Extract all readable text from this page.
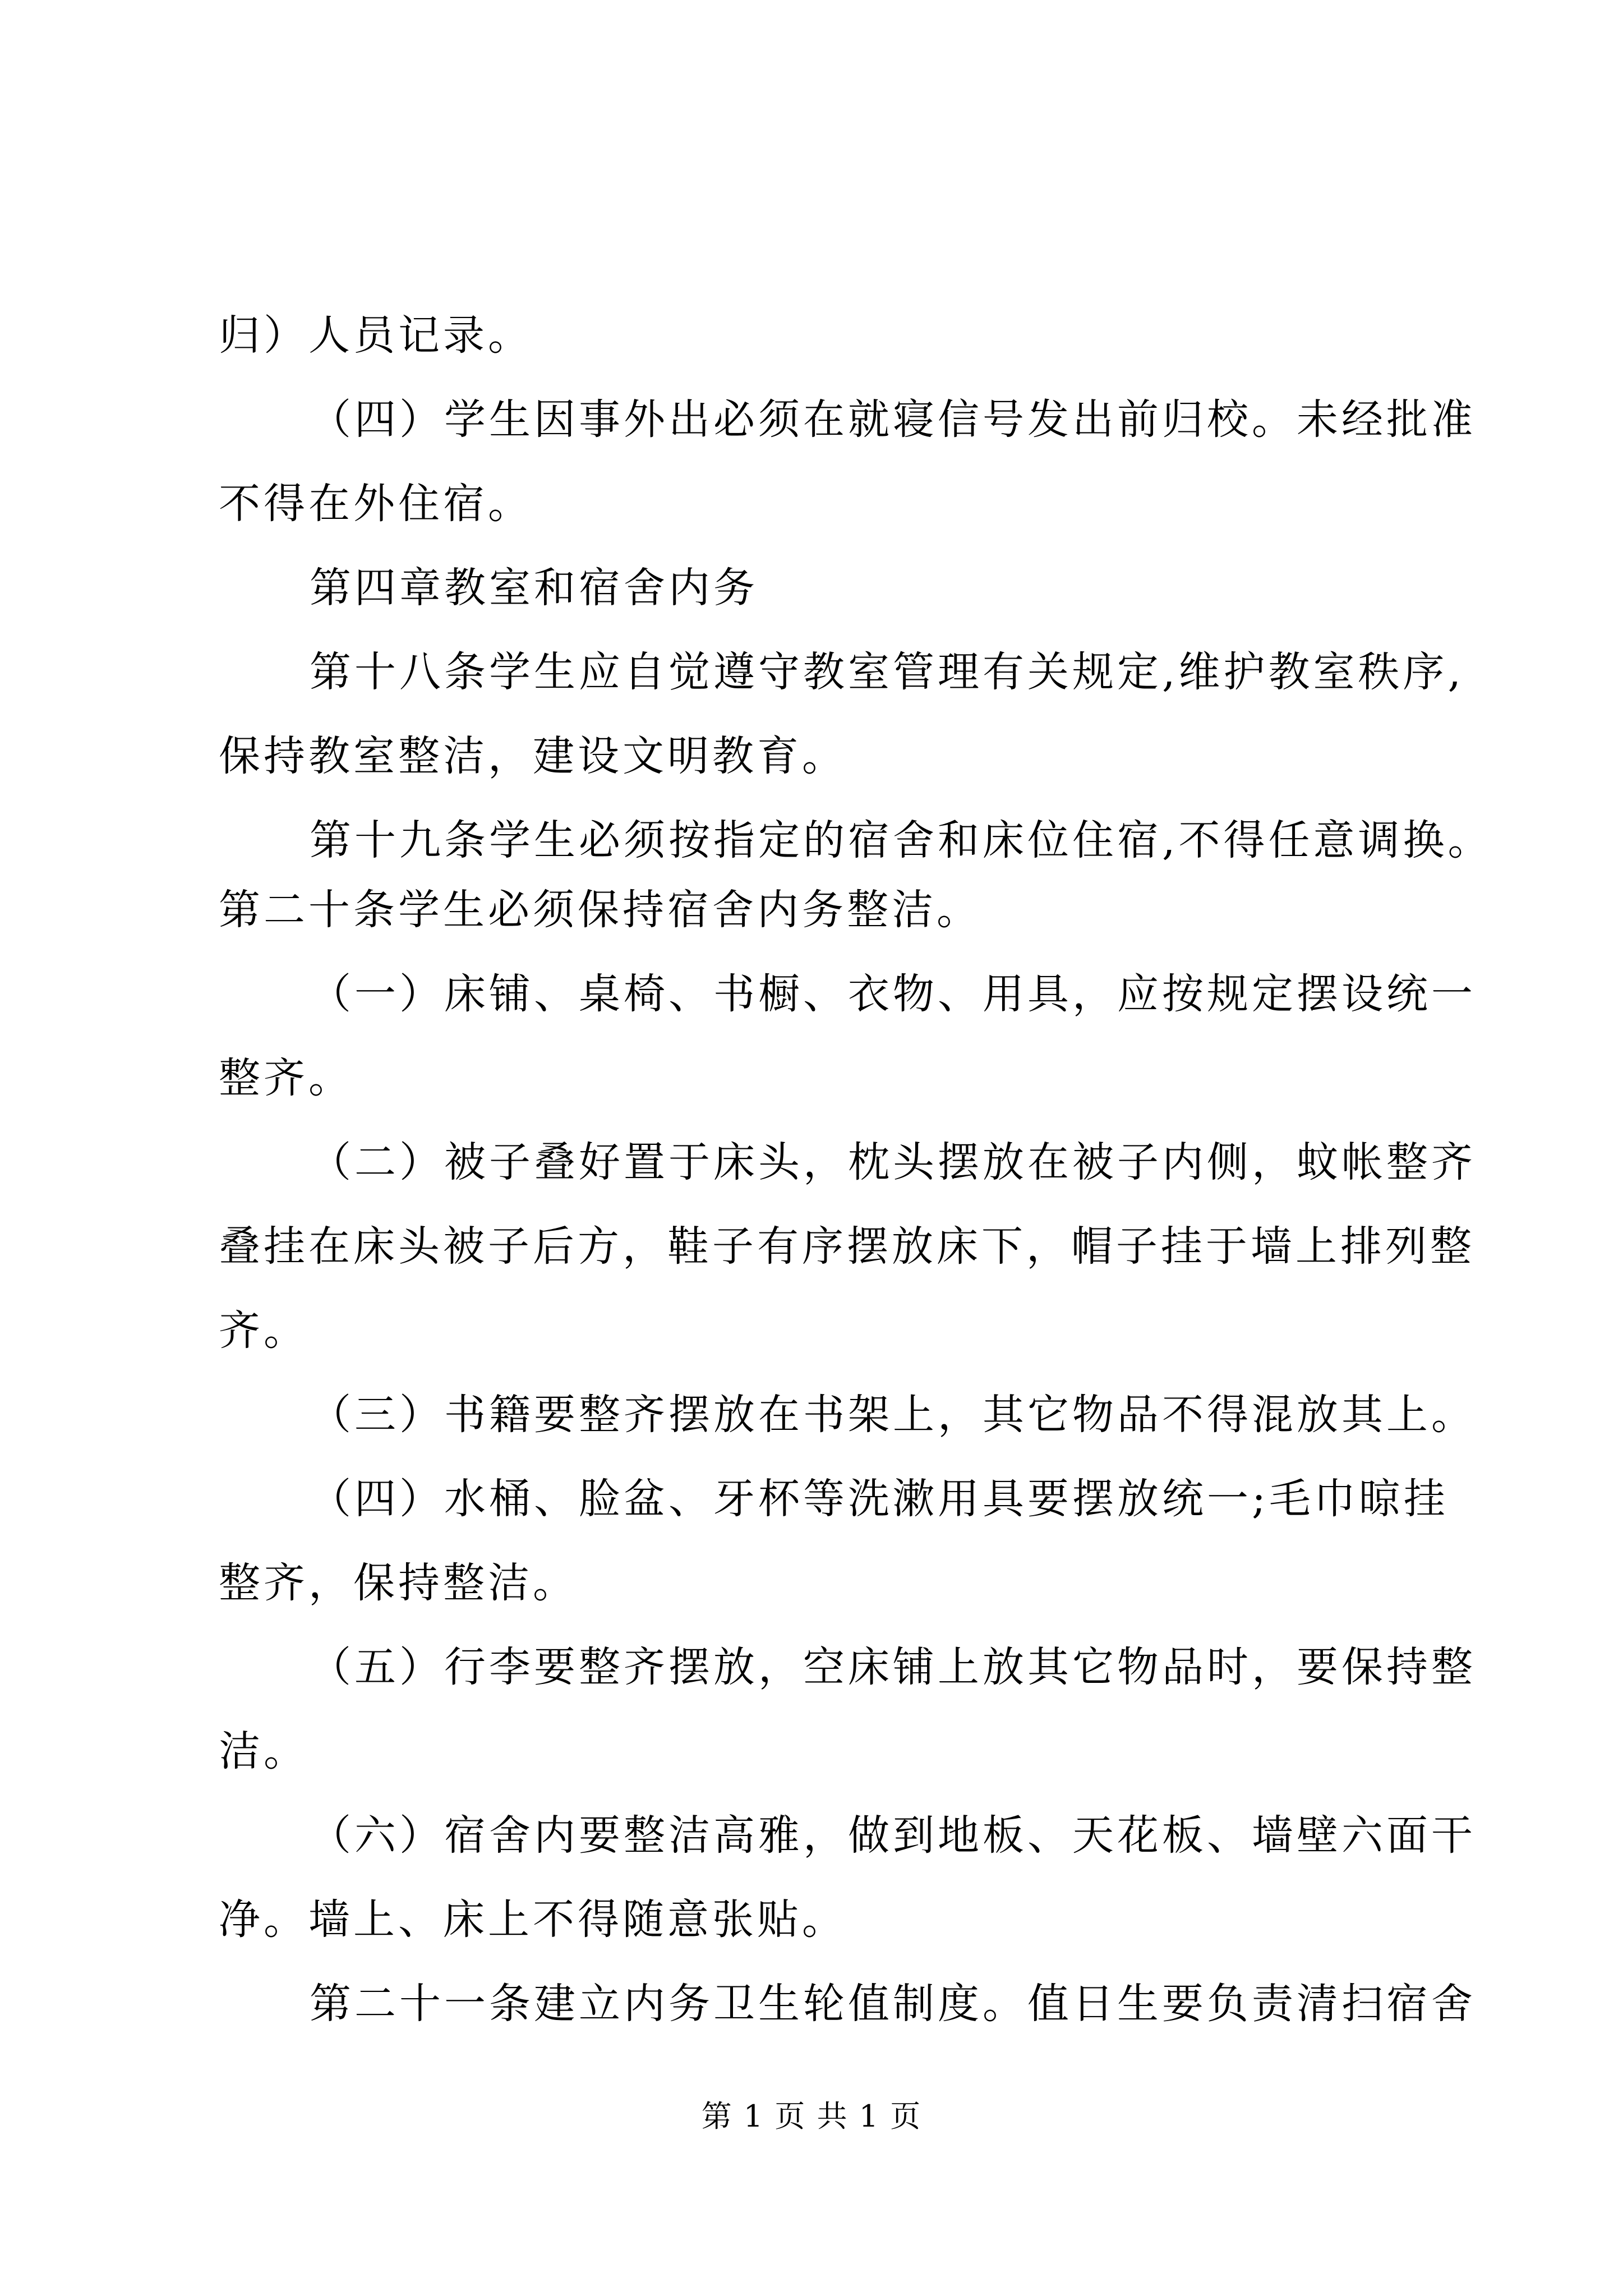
归）人员记录。
（四）学生因事外出必须在就寝信号发出前归校。未经批准
不得在外住宿。
第四章教室和宿舍内务
第十八条学生应自觉遵守教室管理有关规定,维护教室秩序,
保持教室整洁，建设文明教育。
第十九条学生必须按指定的宿舍和床位住宿,不得任意调换。
第二十条学生必须保持宿舍内务整洁。
（一）床铺、桌椅、书橱、衣物、用具，应按规定摆设统一
整齐。
（二）被子叠好置于床头，枕头摆放在被子内侧，蚊帐整齐
叠挂在床头被子后方，鞋子有序摆放床下，帽子挂于墙上排列整
齐。
（三）书籍要整齐摆放在书架上，其它物品不得混放其上。
（四）水桶、脸盆、牙杯等洗漱用具要摆放统一;毛巾晾挂
整齐，保持整洁。
（五）行李要整齐摆放，空床铺上放其它物品时，要保持整
洁。
（六）宿舍内要整洁高雅，做到地板、天花板、墙壁六面干
净。墙上、床上不得随意张贴。
第二十一条建立内务卫生轮值制度。值日生要负责清扫宿舍
第 1 页 共 1 页
